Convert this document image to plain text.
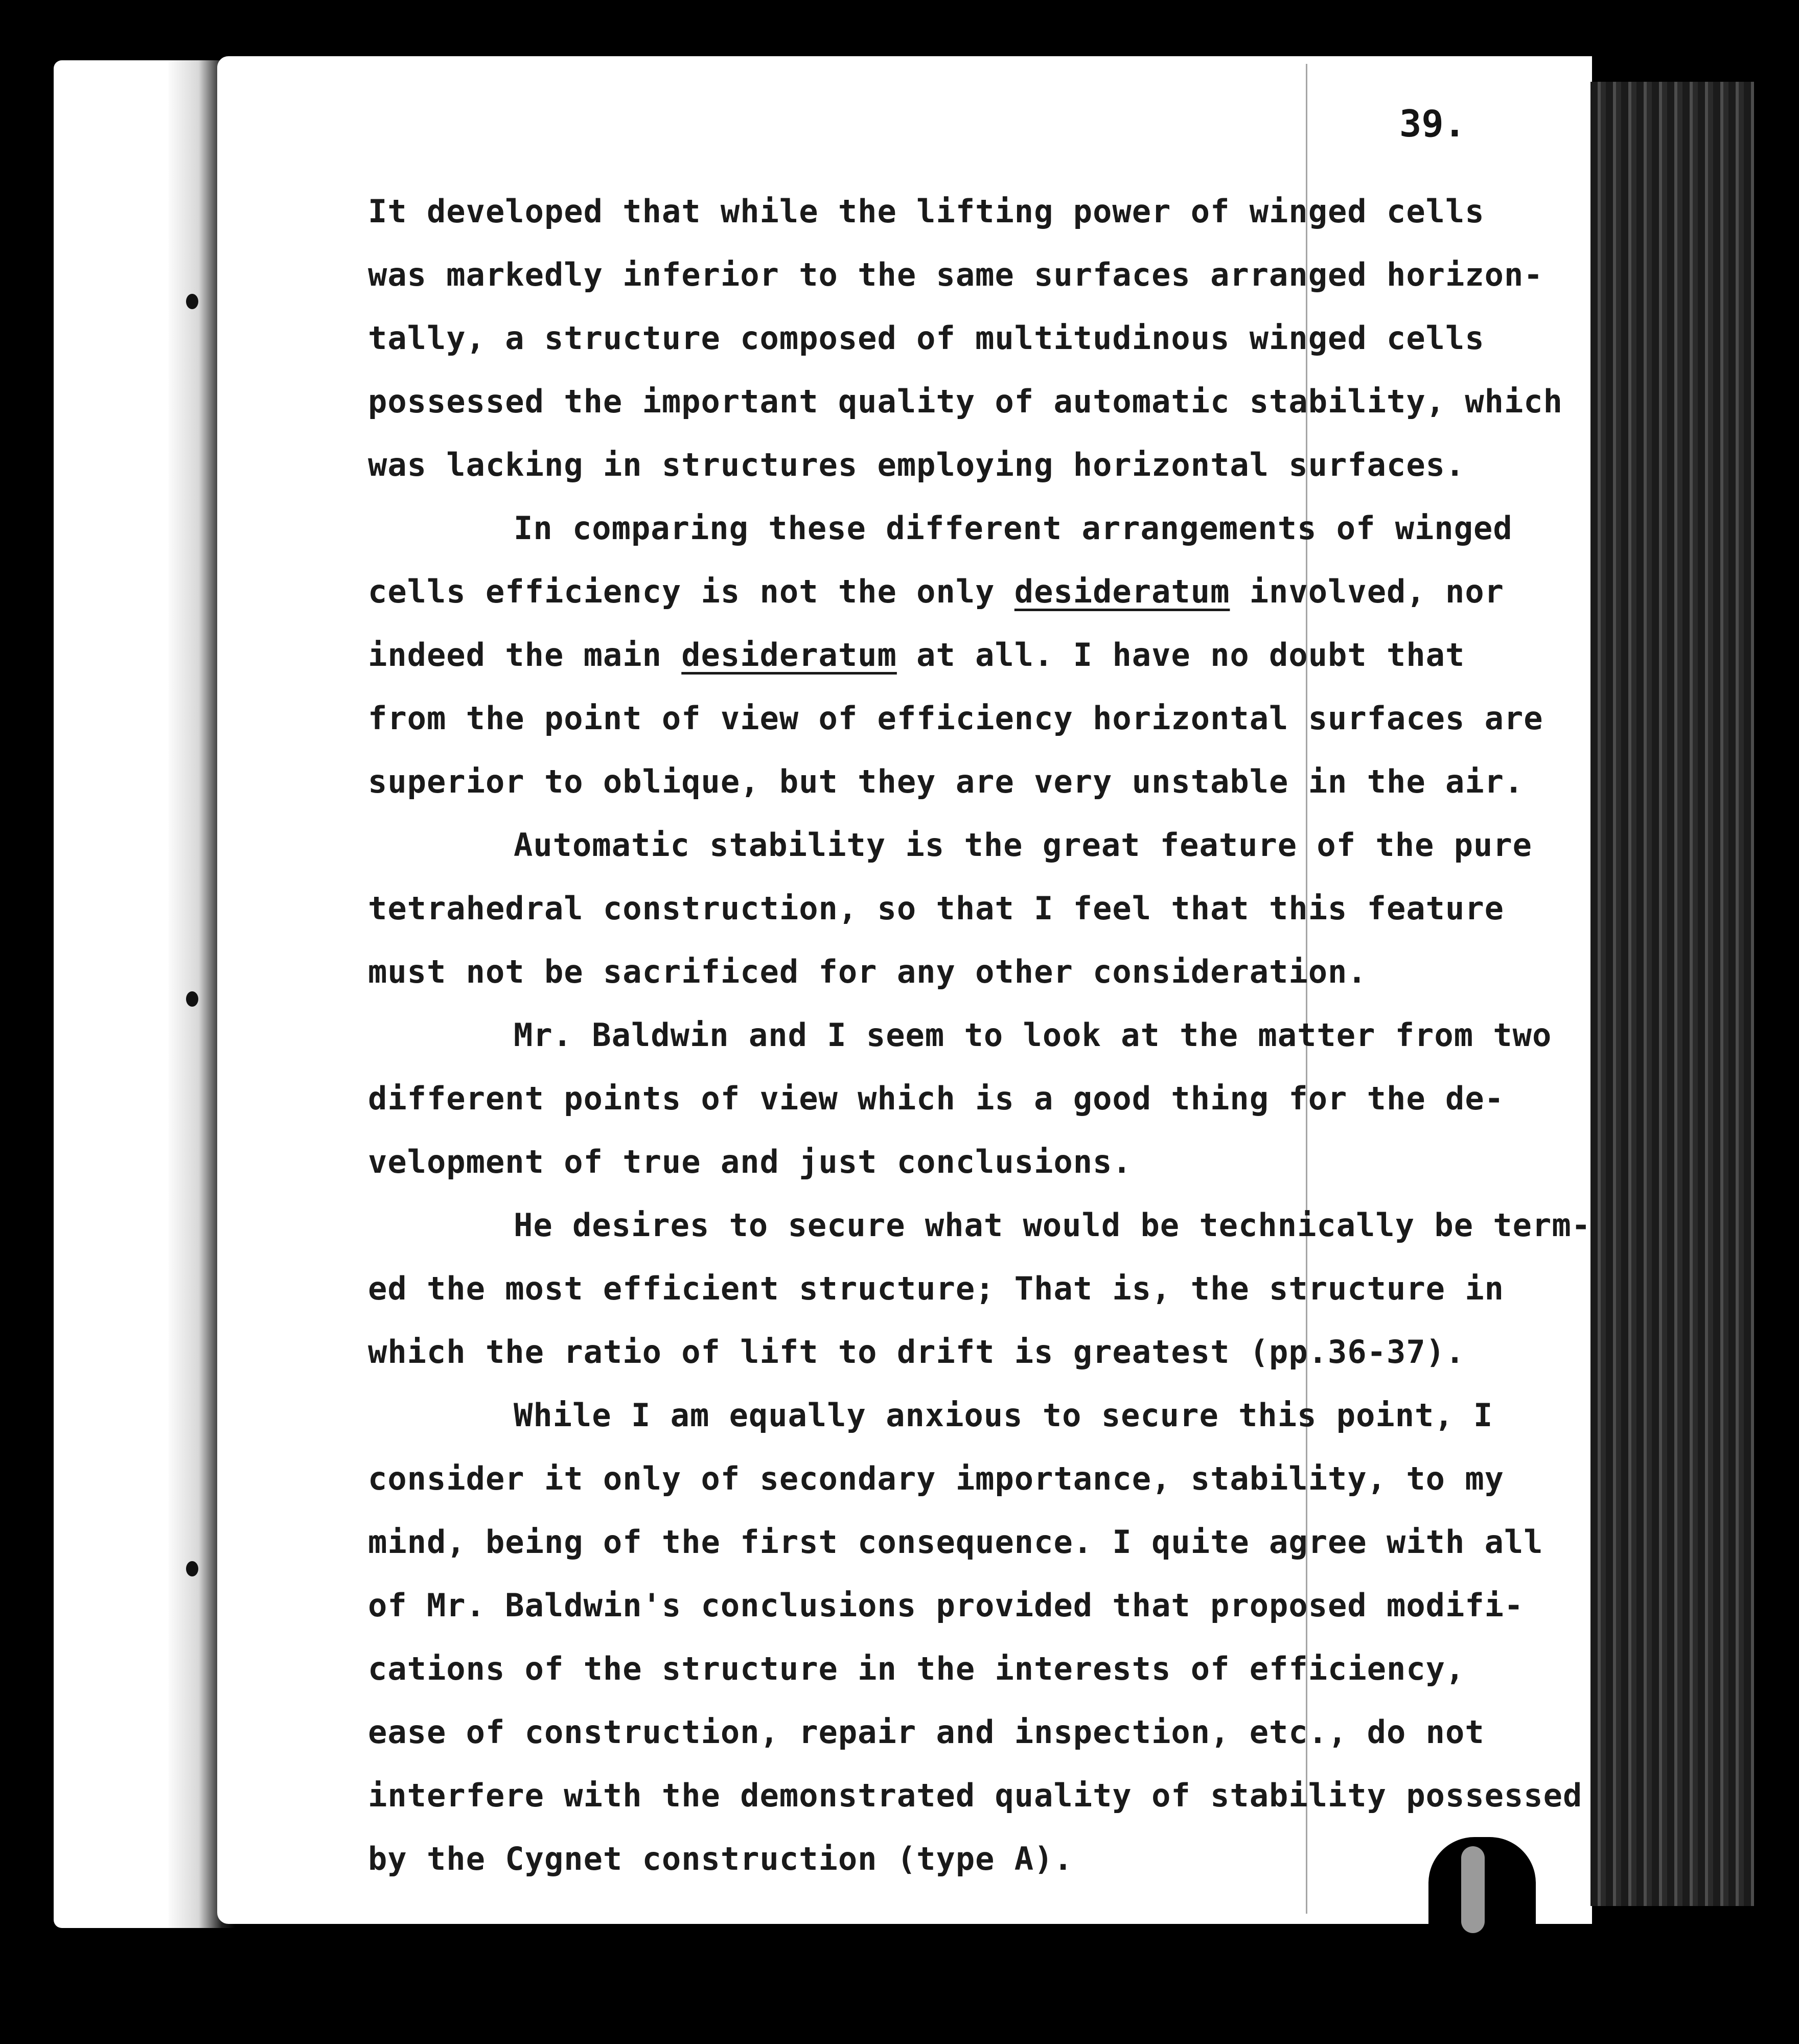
39.
It developed that while the lifting power of winged cells
was markedly inferior to the same surfaces arranged horizon-
tally, a structure composed of multitudinous winged cells
possessed the important quality of automatic stability, which
was lacking in structures employing horizontal surfaces.
In comparing these different arrangements of winged
cells efficiency is not the only desideratum involved, nor
indeed the main desideratum at all. I have no doubt that
from the point of view of efficiency horizontal surfaces are
superior to oblique, but they are very unstable in the air.
Automatic stability is the great feature of the pure
tetrahedral construction, so that I feel that this feature
must not be sacrificed for any other consideration.
Mr. Baldwin and I seem to look at the matter from two
different points of view which is a good thing for the de-
velopment of true and just conclusions.
He desires to secure what would be technically be term-
ed the most efficient structure; That is, the structure in
which the ratio of lift to drift is greatest (pp.36-37).
While I am equally anxious to secure this point, I
consider it only of secondary importance, stability, to my
mind, being of the first consequence. I quite agree with all
of Mr. Baldwin's conclusions provided that proposed modifi-
cations of the structure in the interests of efficiency,
ease of construction, repair and inspection, etc., do not
interfere with the demonstrated quality of stability possessed
by the Cygnet construction (type A).
